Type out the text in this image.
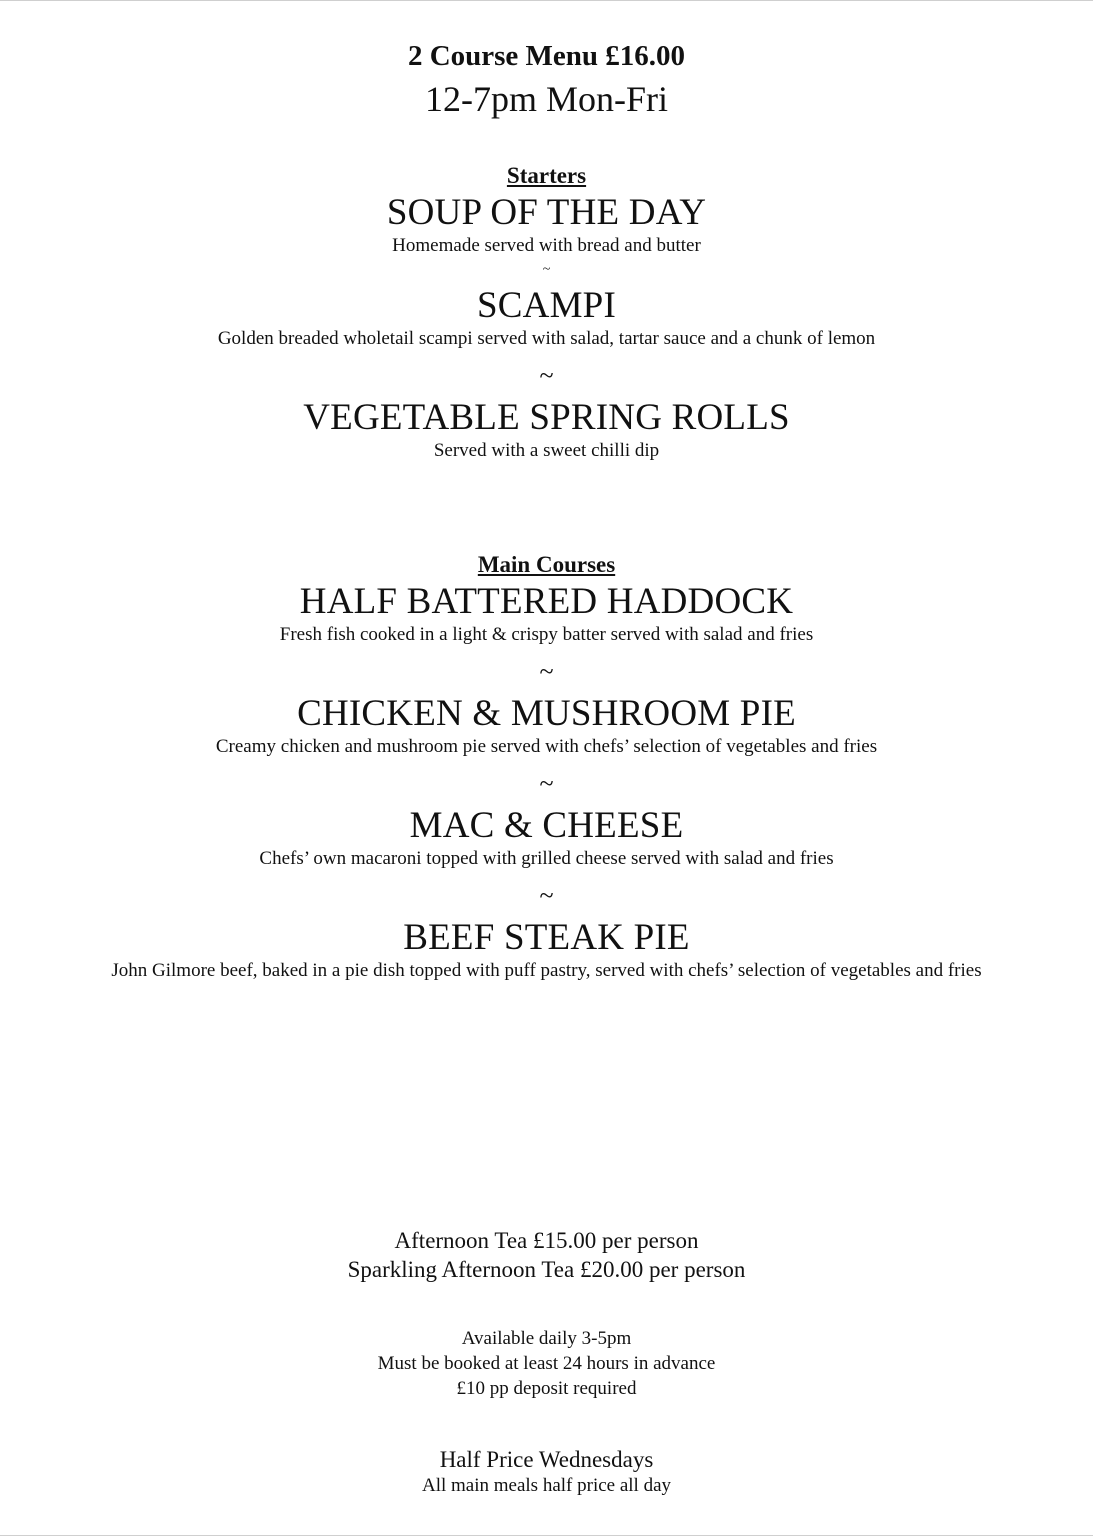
2 Course Menu £16.00
12-7pm Mon-Fri
Starters
SOUP OF THE DAY
Homemade served with bread and butter
~
SCAMPI
Golden breaded wholetail scampi served with salad, tartar sauce and a chunk of lemon
~
VEGETABLE SPRING ROLLS
Served with a sweet chilli dip
Main Courses
HALF BATTERED HADDOCK
Fresh fish cooked in a light & crispy batter served with salad and fries
~
CHICKEN & MUSHROOM PIE
Creamy chicken and mushroom pie served with chefs’ selection of vegetables and fries
~
MAC & CHEESE
Chefs’ own macaroni topped with grilled cheese served with salad and fries
~
BEEF STEAK PIE
John Gilmore beef, baked in a pie dish topped with puff pastry, served with chefs’ selection of vegetables and fries
Afternoon Tea £15.00 per person
Sparkling Afternoon Tea £20.00 per person
Available daily 3-5pm
Must be booked at least 24 hours in advance
£10 pp deposit required
Half Price Wednesdays
All main meals half price all day
